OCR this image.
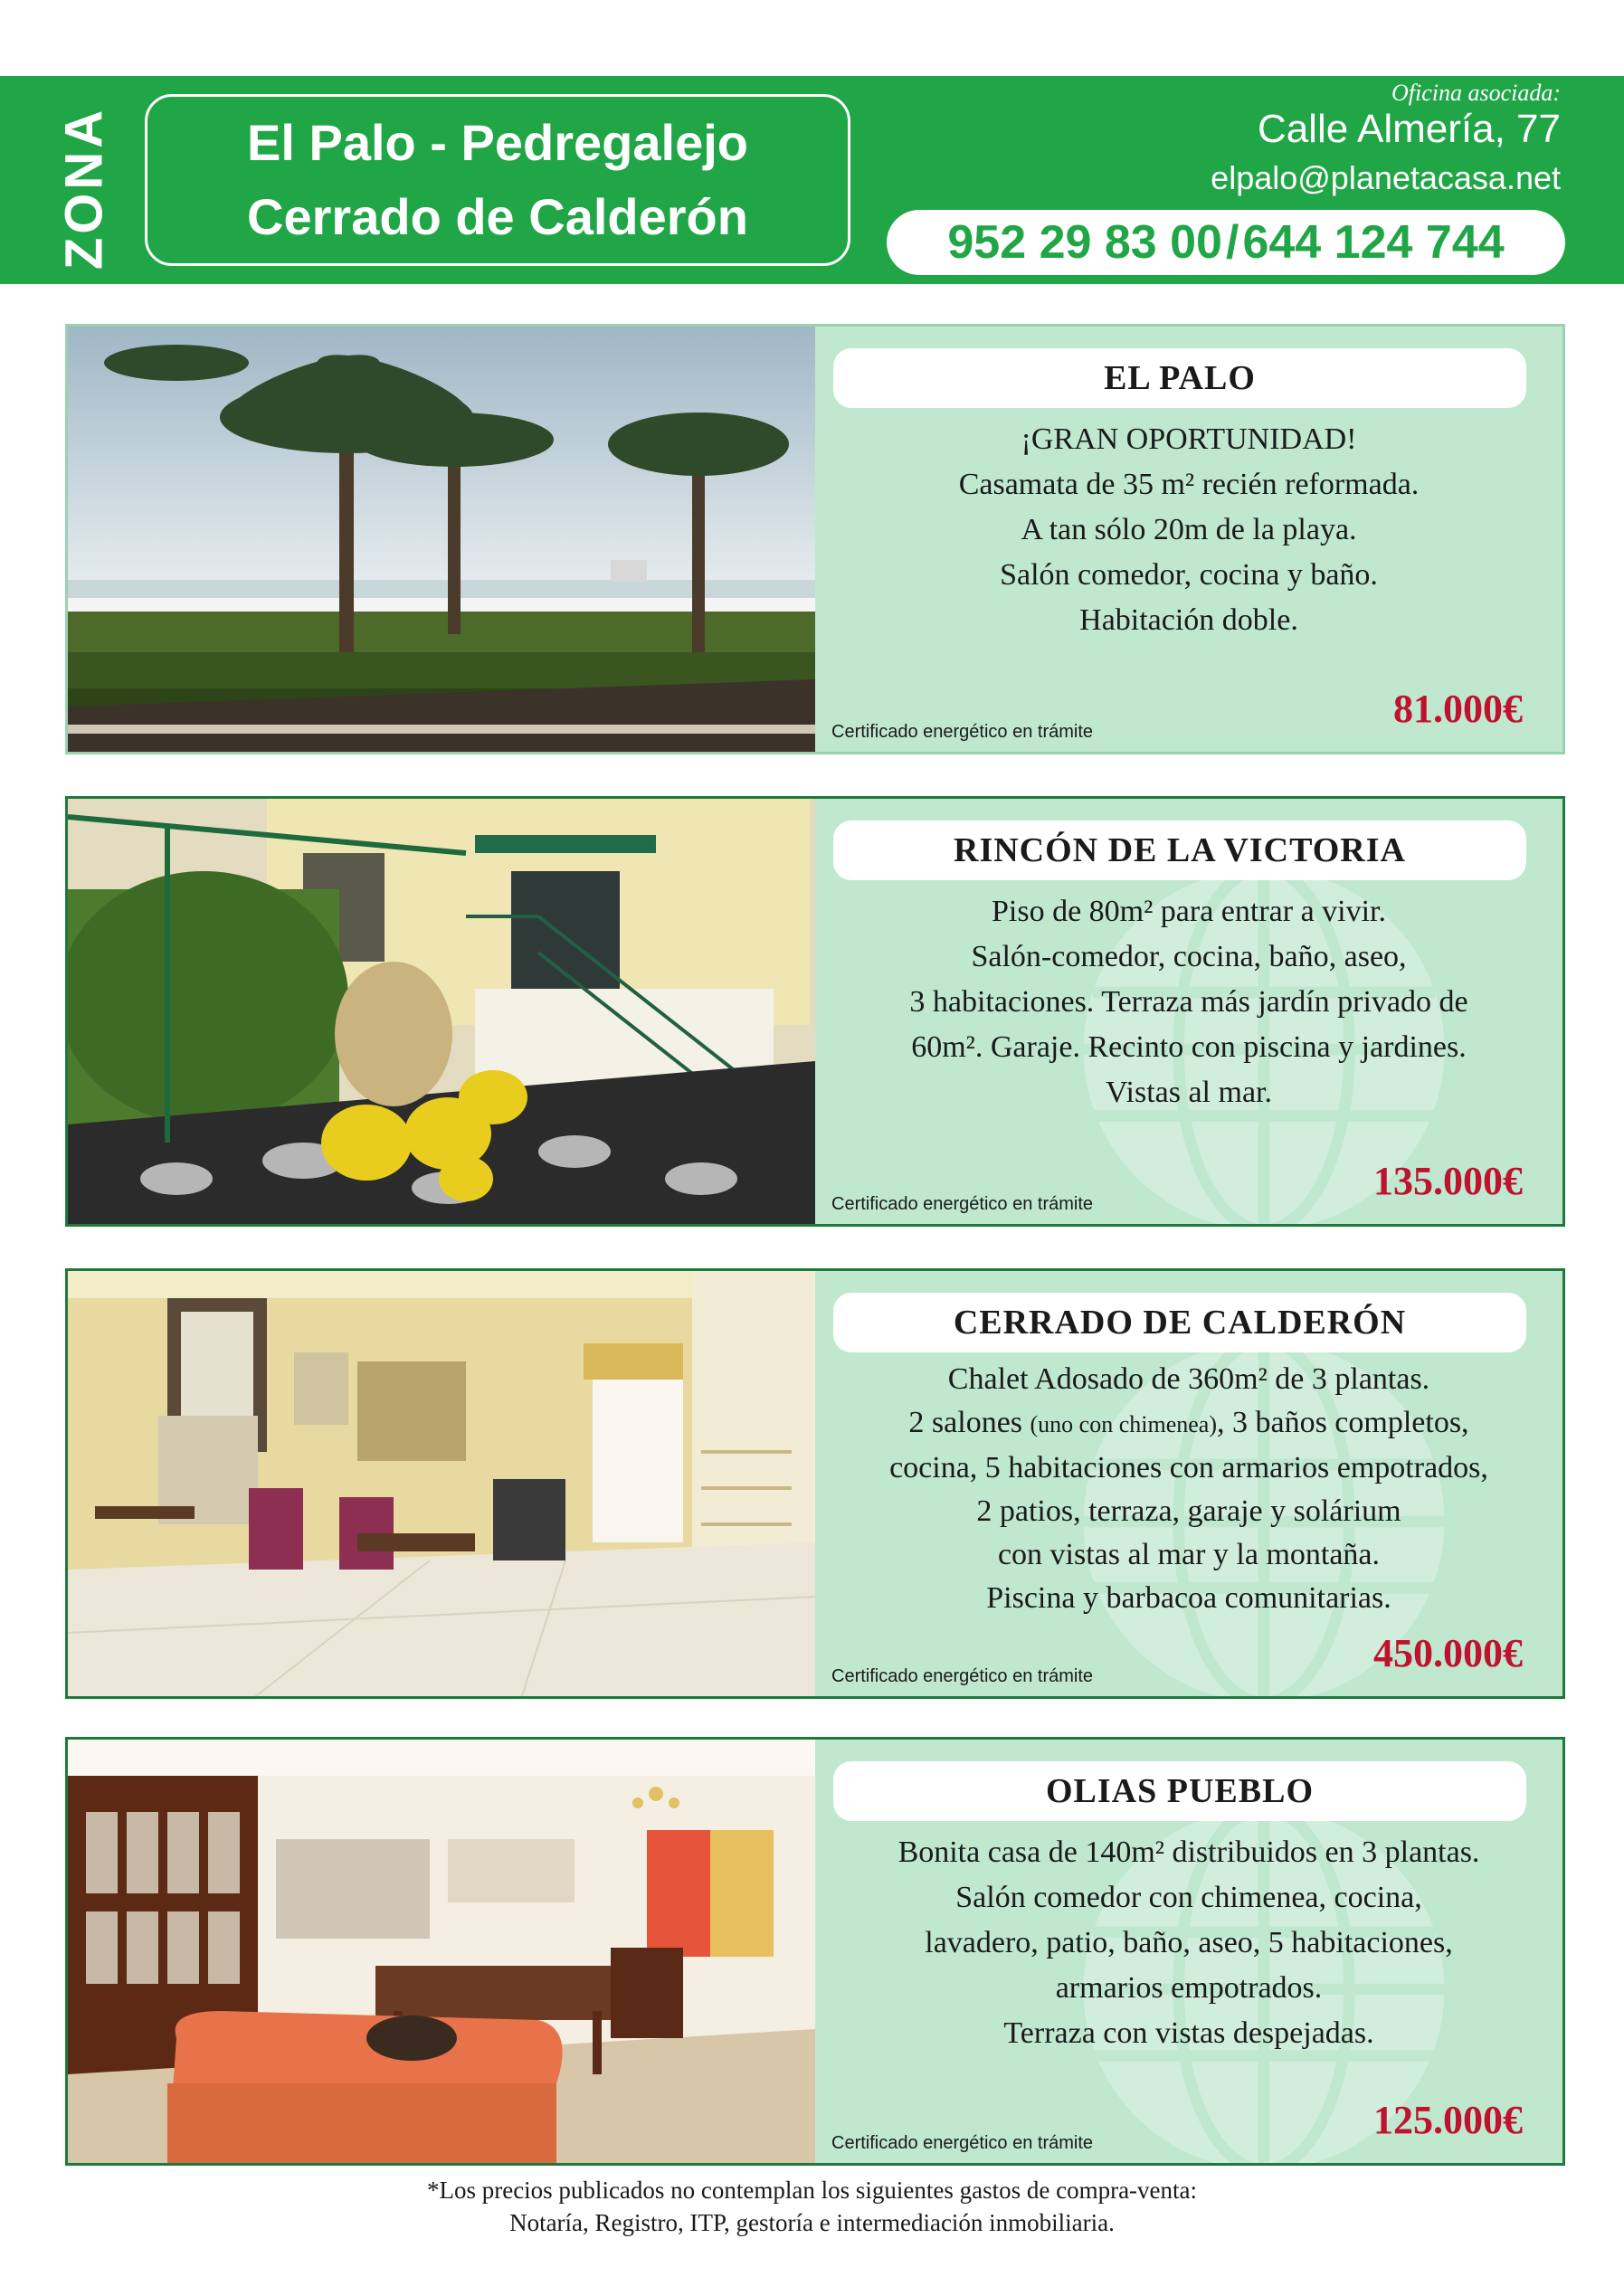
ZONA	El Palo - Pedregalejo
Cerrado de Calderón
Oficina asociada:
Calle Almería, 77
elpalo@planetacasa.net
952 29 83 00 / 644 124 744
EL PALO
¡GRAN OPORTUNIDAD!
Casamata de 35 m² recién reformada.
A tan sólo 20m de la playa.
Salón comedor, cocina y baño.
Habitación doble.
Certificado energético en trámite
81.000€
RINCÓN DE LA VICTORIA
Piso de 80m² para entrar a vivir.
Salón-comedor, cocina, baño, aseo,
3 habitaciones. Terraza más jardín privado de
60m². Garaje. Recinto con piscina y jardines.
Vistas al mar.
Certificado energético en trámite
135.000€
CERRADO DE CALDERÓN
Chalet Adosado de 360m² de 3 plantas.
2 salones (uno con chimenea), 3 baños completos,
cocina, 5 habitaciones con armarios empotrados,
2 patios, terraza, garaje y solárium
con vistas al mar y la montaña.
Piscina y barbacoa comunitarias.
Certificado energético en trámite
450.000€
OLIAS PUEBLO
Bonita casa de 140m² distribuidos en 3 plantas.
Salón comedor con chimenea, cocina,
lavadero, patio, baño, aseo, 5 habitaciones,
armarios empotrados.
Terraza con vistas despejadas.
Certificado energético en trámite
125.000€
*Los precios publicados no contemplan los siguientes gastos de compra-venta:
Notaría, Registro, ITP, gestoría e intermediación inmobiliaria.
